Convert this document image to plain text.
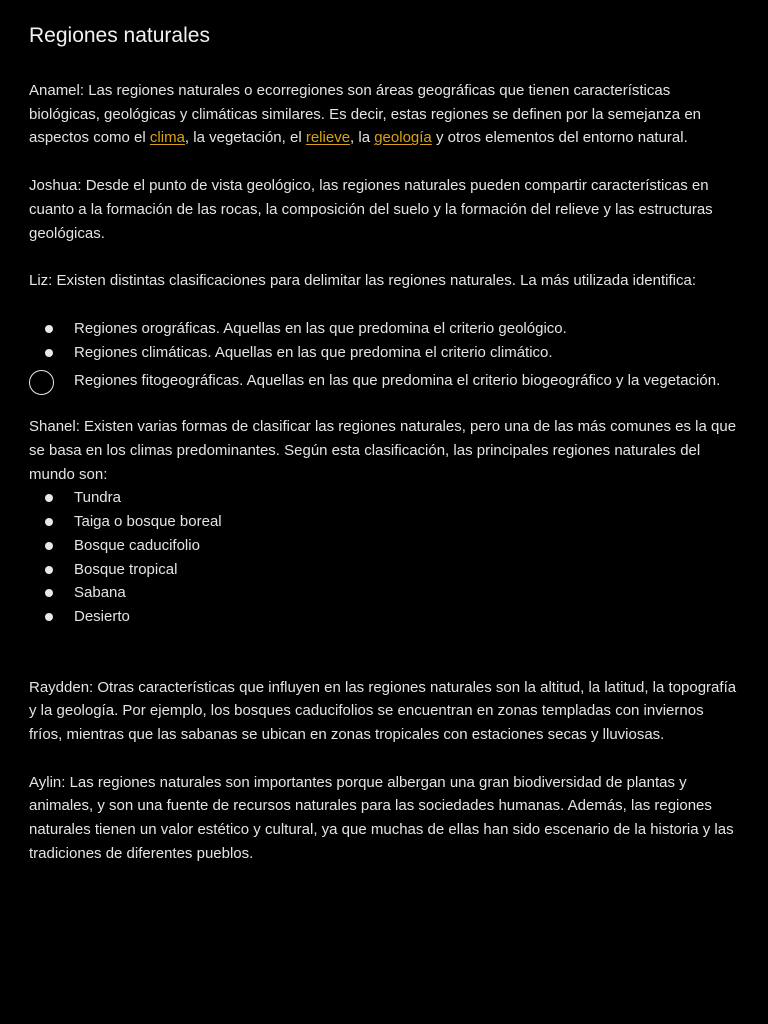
Regiones naturales

Anamel: Las regiones naturales o ecorregiones son áreas geográficas que tienen características biológicas, geológicas y climáticas similares. Es decir, estas regiones se definen por la semejanza en aspectos como el clima, la vegetación, el relieve, la geología y otros elementos del entorno natural.

Joshua: Desde el punto de vista geológico, las regiones naturales pueden compartir características en cuanto a la formación de las rocas, la composición del suelo y la formación del relieve y las estructuras geológicas.

Liz: Existen distintas clasificaciones para delimitar las regiones naturales. La más utilizada identifica:

Regiones orográficas. Aquellas en las que predomina el criterio geológico.
Regiones climáticas. Aquellas en las que predomina el criterio climático.
Regiones fitogeográficas. Aquellas en las que predomina el criterio biogeográfico y la vegetación.

Shanel: Existen varias formas de clasificar las regiones naturales, pero una de las más comunes es la que se basa en los climas predominantes. Según esta clasificación, las principales regiones naturales del mundo son:

Tundra
Taiga o bosque boreal
Bosque caducifolio
Bosque tropical
Sabana
Desierto

Raydden: Otras características que influyen en las regiones naturales son la altitud, la latitud, la topografía y la geología. Por ejemplo, los bosques caducifolios se encuentran en zonas templadas con inviernos fríos, mientras que las sabanas se ubican en zonas tropicales con estaciones secas y lluviosas.

Aylin: Las regiones naturales son importantes porque albergan una gran biodiversidad de plantas y animales, y son una fuente de recursos naturales para las sociedades humanas. Además, las regiones naturales tienen un valor estético y cultural, ya que muchas de ellas han sido escenario de la historia y las tradiciones de diferentes pueblos.
